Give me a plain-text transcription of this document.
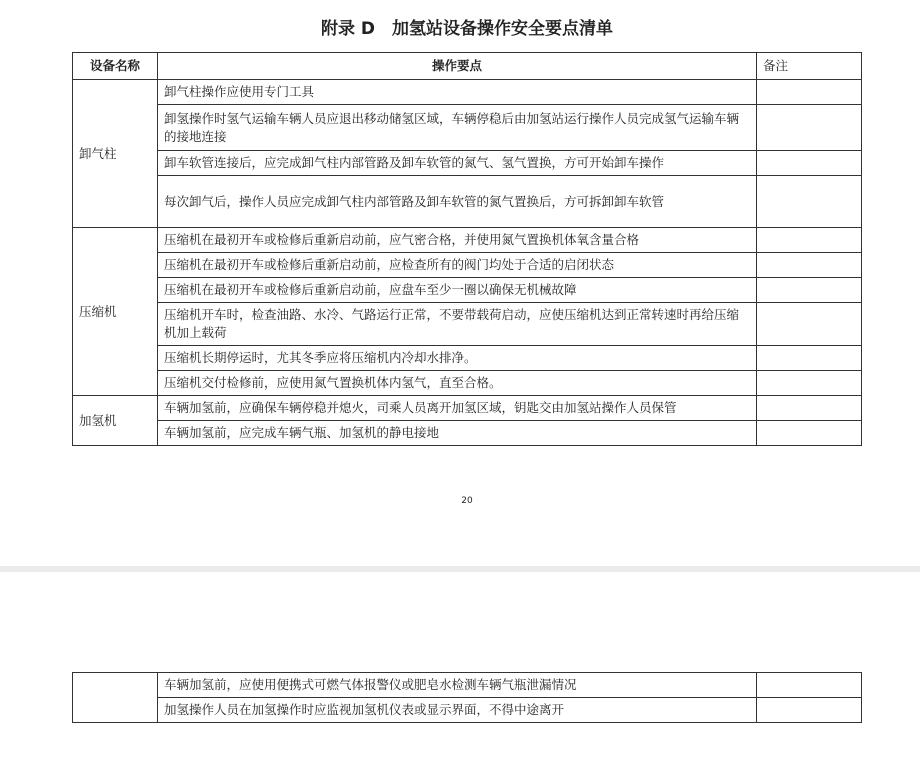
附录 D　加氢站设备操作安全要点清单
设备名称	操作要点	备注
卸气柱	卸气柱操作应使用专门工具	
	卸氢操作时氢气运输车辆人员应退出移动储氢区域，车辆停稳后由加氢站运行操作人员完成氢气运输车辆的接地连接	
	卸车软管连接后，应完成卸气柱内部管路及卸车软管的氮气、氢气置换，方可开始卸车操作	
	每次卸气后，操作人员应完成卸气柱内部管路及卸车软管的氮气置换后，方可拆卸卸车软管	
压缩机	压缩机在最初开车或检修后重新启动前，应气密合格，并使用氮气置换机体氧含量合格	
	压缩机在最初开车或检修后重新启动前，应检查所有的阀门均处于合适的启闭状态	
	压缩机在最初开车或检修后重新启动前，应盘车至少一圈以确保无机械故障	
	压缩机开车时，检查油路、水冷、气路运行正常，不要带载荷启动，应使压缩机达到正常转速时再给压缩机加上载荷	
	压缩机长期停运时，尤其冬季应将压缩机内冷却水排净。	
	压缩机交付检修前，应使用氮气置换机体内氢气，直至合格。	
加氢机	车辆加氢前，应确保车辆停稳并熄火，司乘人员离开加氢区域，钥匙交由加氢站操作人员保管	
	车辆加氢前，应完成车辆气瓶、加氢机的静电接地	
20
	车辆加氢前，应使用便携式可燃气体报警仪或肥皂水检测车辆气瓶泄漏情况	
	加氢操作人员在加氢操作时应监视加氢机仪表或显示界面，不得中途离开	
